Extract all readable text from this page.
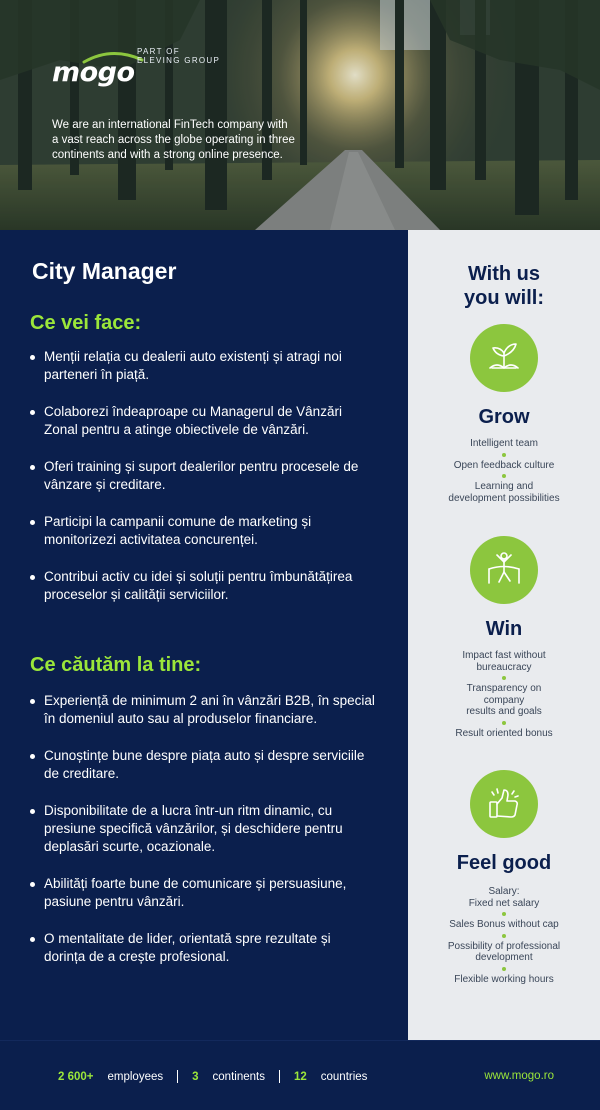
mogo
PART OF
ELEVING GROUP
We are an international FinTech company with a vast reach across the globe operating in three continents and with a strong online presence.
City Manager
Ce vei face:
Menții relația cu dealerii auto existenți și atragi noi parteneri în piață.
Colaborezi îndeaproape cu Managerul de Vânzări Zonal pentru a atinge obiectivele de vânzări.
Oferi training și suport dealerilor pentru procesele de vânzare și creditare.
Participi la campanii comune de marketing și monitorizezi activitatea concurenței.
Contribui activ cu idei și soluții pentru îmbunătățirea proceselor și calității serviciilor.
Ce căutăm la tine:
Experiență de minimum 2 ani în vânzări B2B, în special în domeniul auto sau al produselor financiare.
Cunoștințe bune despre piața auto și despre serviciile de creditare.
Disponibilitate de a lucra într-un ritm dinamic, cu presiune specifică vânzărilor, și deschidere pentru deplasări scurte, ocazionale.
Abilități foarte bune de comunicare și persuasiune, pasiune pentru vânzări.
O mentalitate de lider, orientată spre rezultate și dorința de a crește profesional.
With us
you will:
Grow
Intelligent team
Open feedback culture
Learning and
development possibilities
Win
Impact fast without
bureaucracy
Transparency on
company
results and goals
Result oriented bonus
Feel good
Salary:
Fixed net salary
Sales Bonus without cap
Possibility of professional
development
Flexible working hours
2 600+ employees	3 continents	12 countries	www.mogo.ro
